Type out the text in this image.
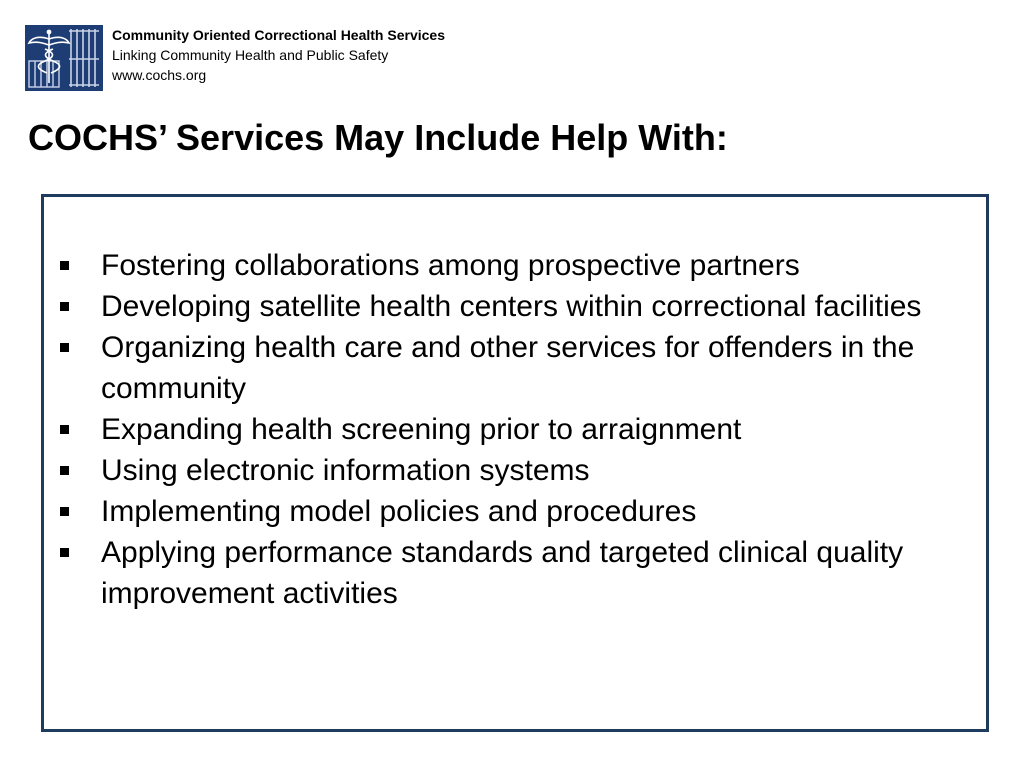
Community Oriented Correctional Health Services
Linking Community Health and Public Safety
www.cochs.org
COCHS’ Services May Include Help With:
Fostering collaborations among prospective partners
Developing satellite health centers within correctional facilities
Organizing health care and other services for offenders in the community
Expanding health screening prior to arraignment
Using electronic information systems
Implementing model policies and procedures
Applying performance standards and targeted clinical quality improvement activities
